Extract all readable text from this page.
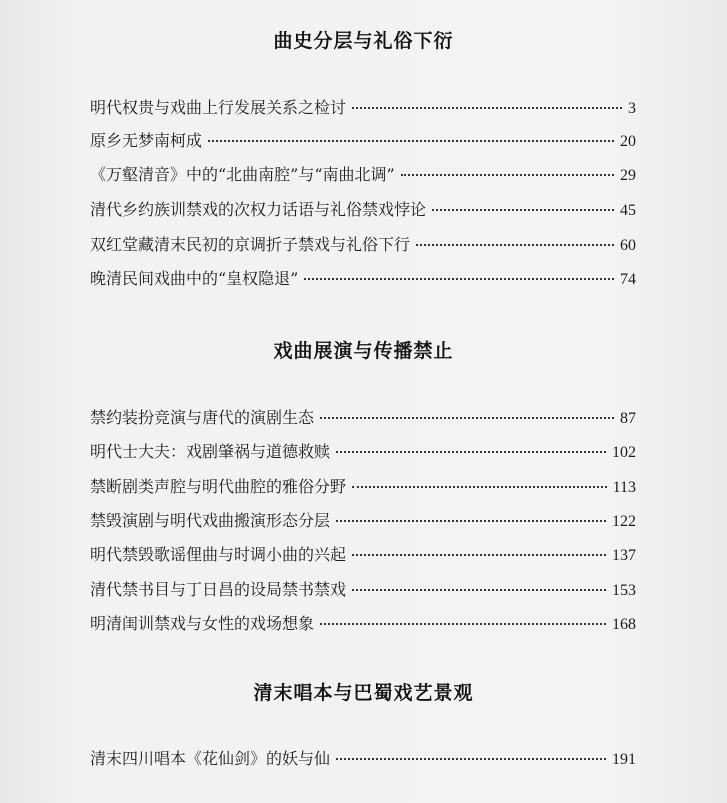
曲史分层与礼俗下衍
明代权贵与戏曲上行发展关系之检讨	3
原乡无梦南柯成	20
《万壑清音》中的“北曲南腔”与“南曲北调”	29
清代乡约族训禁戏的次权力话语与礼俗禁戏悖论	45
双红堂藏清末民初的京调折子禁戏与礼俗下行	60
晚清民间戏曲中的“皇权隐退”	74
戏曲展演与传播禁止
禁约装扮竞演与唐代的演剧生态	87
明代士大夫：戏剧肇祸与道德救赎	102
禁断剧类声腔与明代曲腔的雅俗分野	113
禁毁演剧与明代戏曲搬演形态分层	122
明代禁毁歌谣俚曲与时调小曲的兴起	137
清代禁书目与丁日昌的设局禁书禁戏	153
明清闺训禁戏与女性的戏场想象	168
清末唱本与巴蜀戏艺景观
清末四川唱本《花仙剑》的妖与仙	191
